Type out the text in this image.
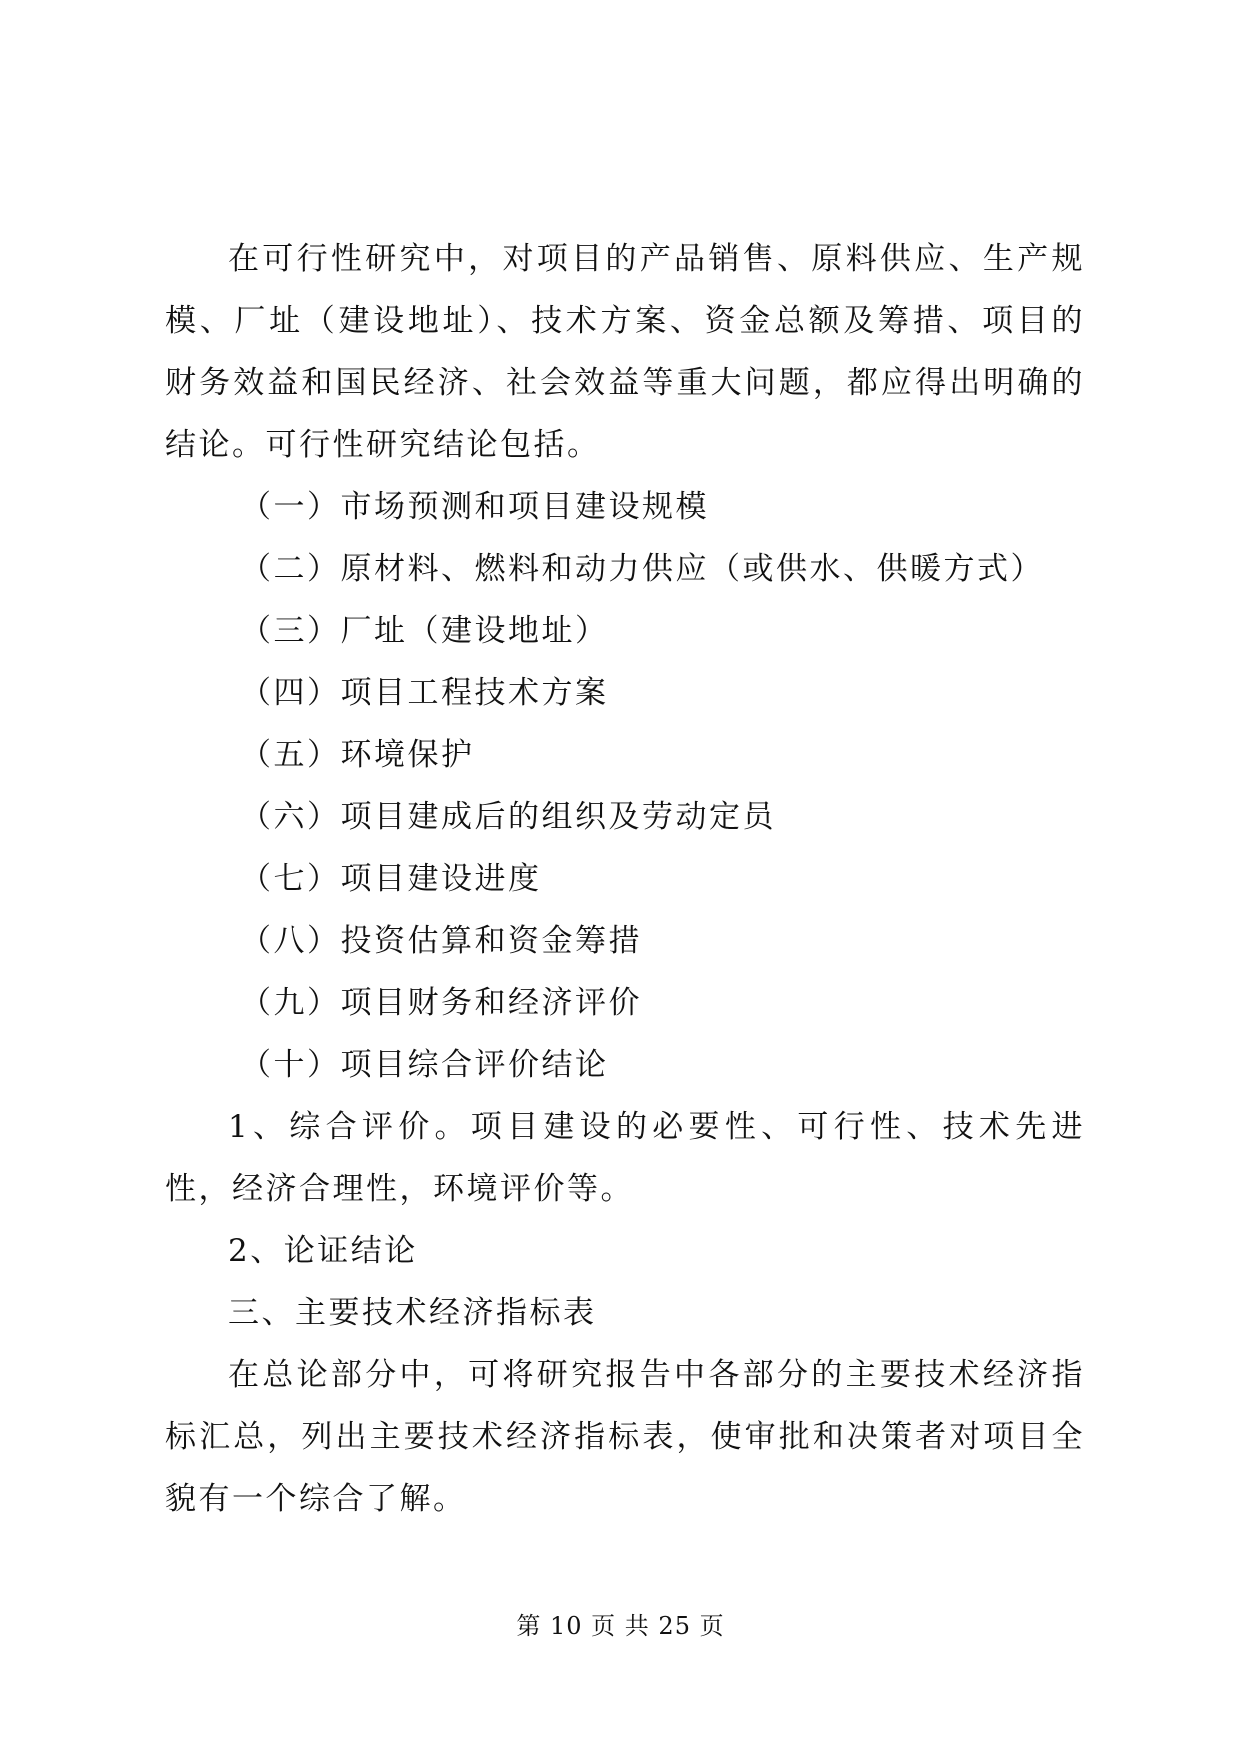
在可行性研究中，对项目的产品销售、原料供应、生产规模、厂址（建设地址）、技术方案、资金总额及筹措、项目的财务效益和国民经济、社会效益等重大问题，都应得出明确的结论。可行性研究结论包括。

（一）市场预测和项目建设规模

（二）原材料、燃料和动力供应（或供水、供暖方式）

（三）厂址（建设地址）

（四）项目工程技术方案

（五）环境保护

（六）项目建成后的组织及劳动定员

（七）项目建设进度

（八）投资估算和资金筹措

（九）项目财务和经济评价

（十）项目综合评价结论

1、综合评价。项目建设的必要性、可行性、技术先进性，经济合理性，环境评价等。

2、论证结论

三、主要技术经济指标表

在总论部分中，可将研究报告中各部分的主要技术经济指标汇总，列出主要技术经济指标表，使审批和决策者对项目全貌有一个综合了解。

第 10 页 共 25 页
